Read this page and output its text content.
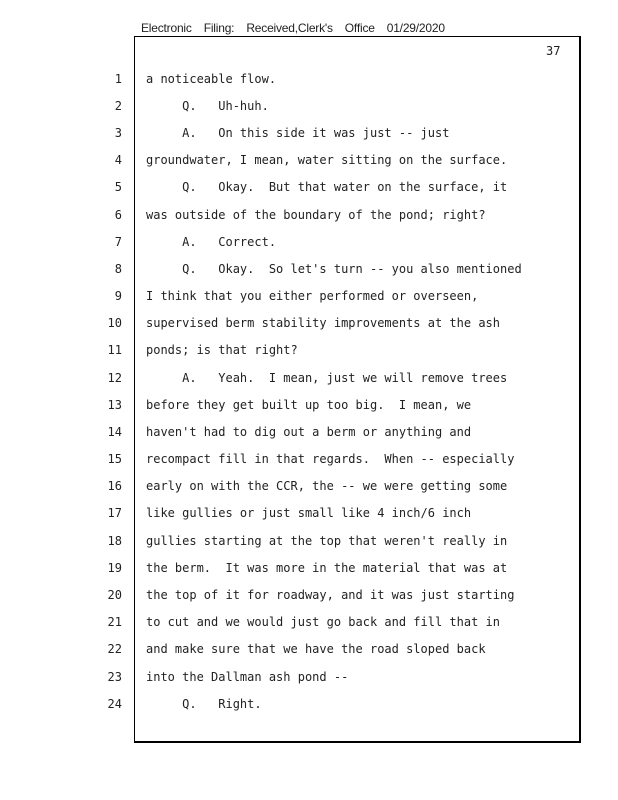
Electronic Filing: Received,Clerk's Office 01/29/2020
37
1 a noticeable flow.
2 Q.   Uh-huh.
3 A.   On this side it was just -- just
4 groundwater, I mean, water sitting on the surface.
5 Q.   Okay.  But that water on the surface, it
6 was outside of the boundary of the pond; right?
7 A.   Correct.
8 Q.   Okay.  So let's turn -- you also mentioned
9 I think that you either performed or overseen,
10 supervised berm stability improvements at the ash
11 ponds; is that right?
12 A.   Yeah.  I mean, just we will remove trees
13 before they get built up too big.  I mean, we
14 haven't had to dig out a berm or anything and
15 recompact fill in that regards.  When -- especially
16 early on with the CCR, the -- we were getting some
17 like gullies or just small like 4 inch/6 inch
18 gullies starting at the top that weren't really in
19 the berm.  It was more in the material that was at
20 the top of it for roadway, and it was just starting
21 to cut and we would just go back and fill that in
22 and make sure that we have the road sloped back
23 into the Dallman ash pond --
24 Q.   Right.
